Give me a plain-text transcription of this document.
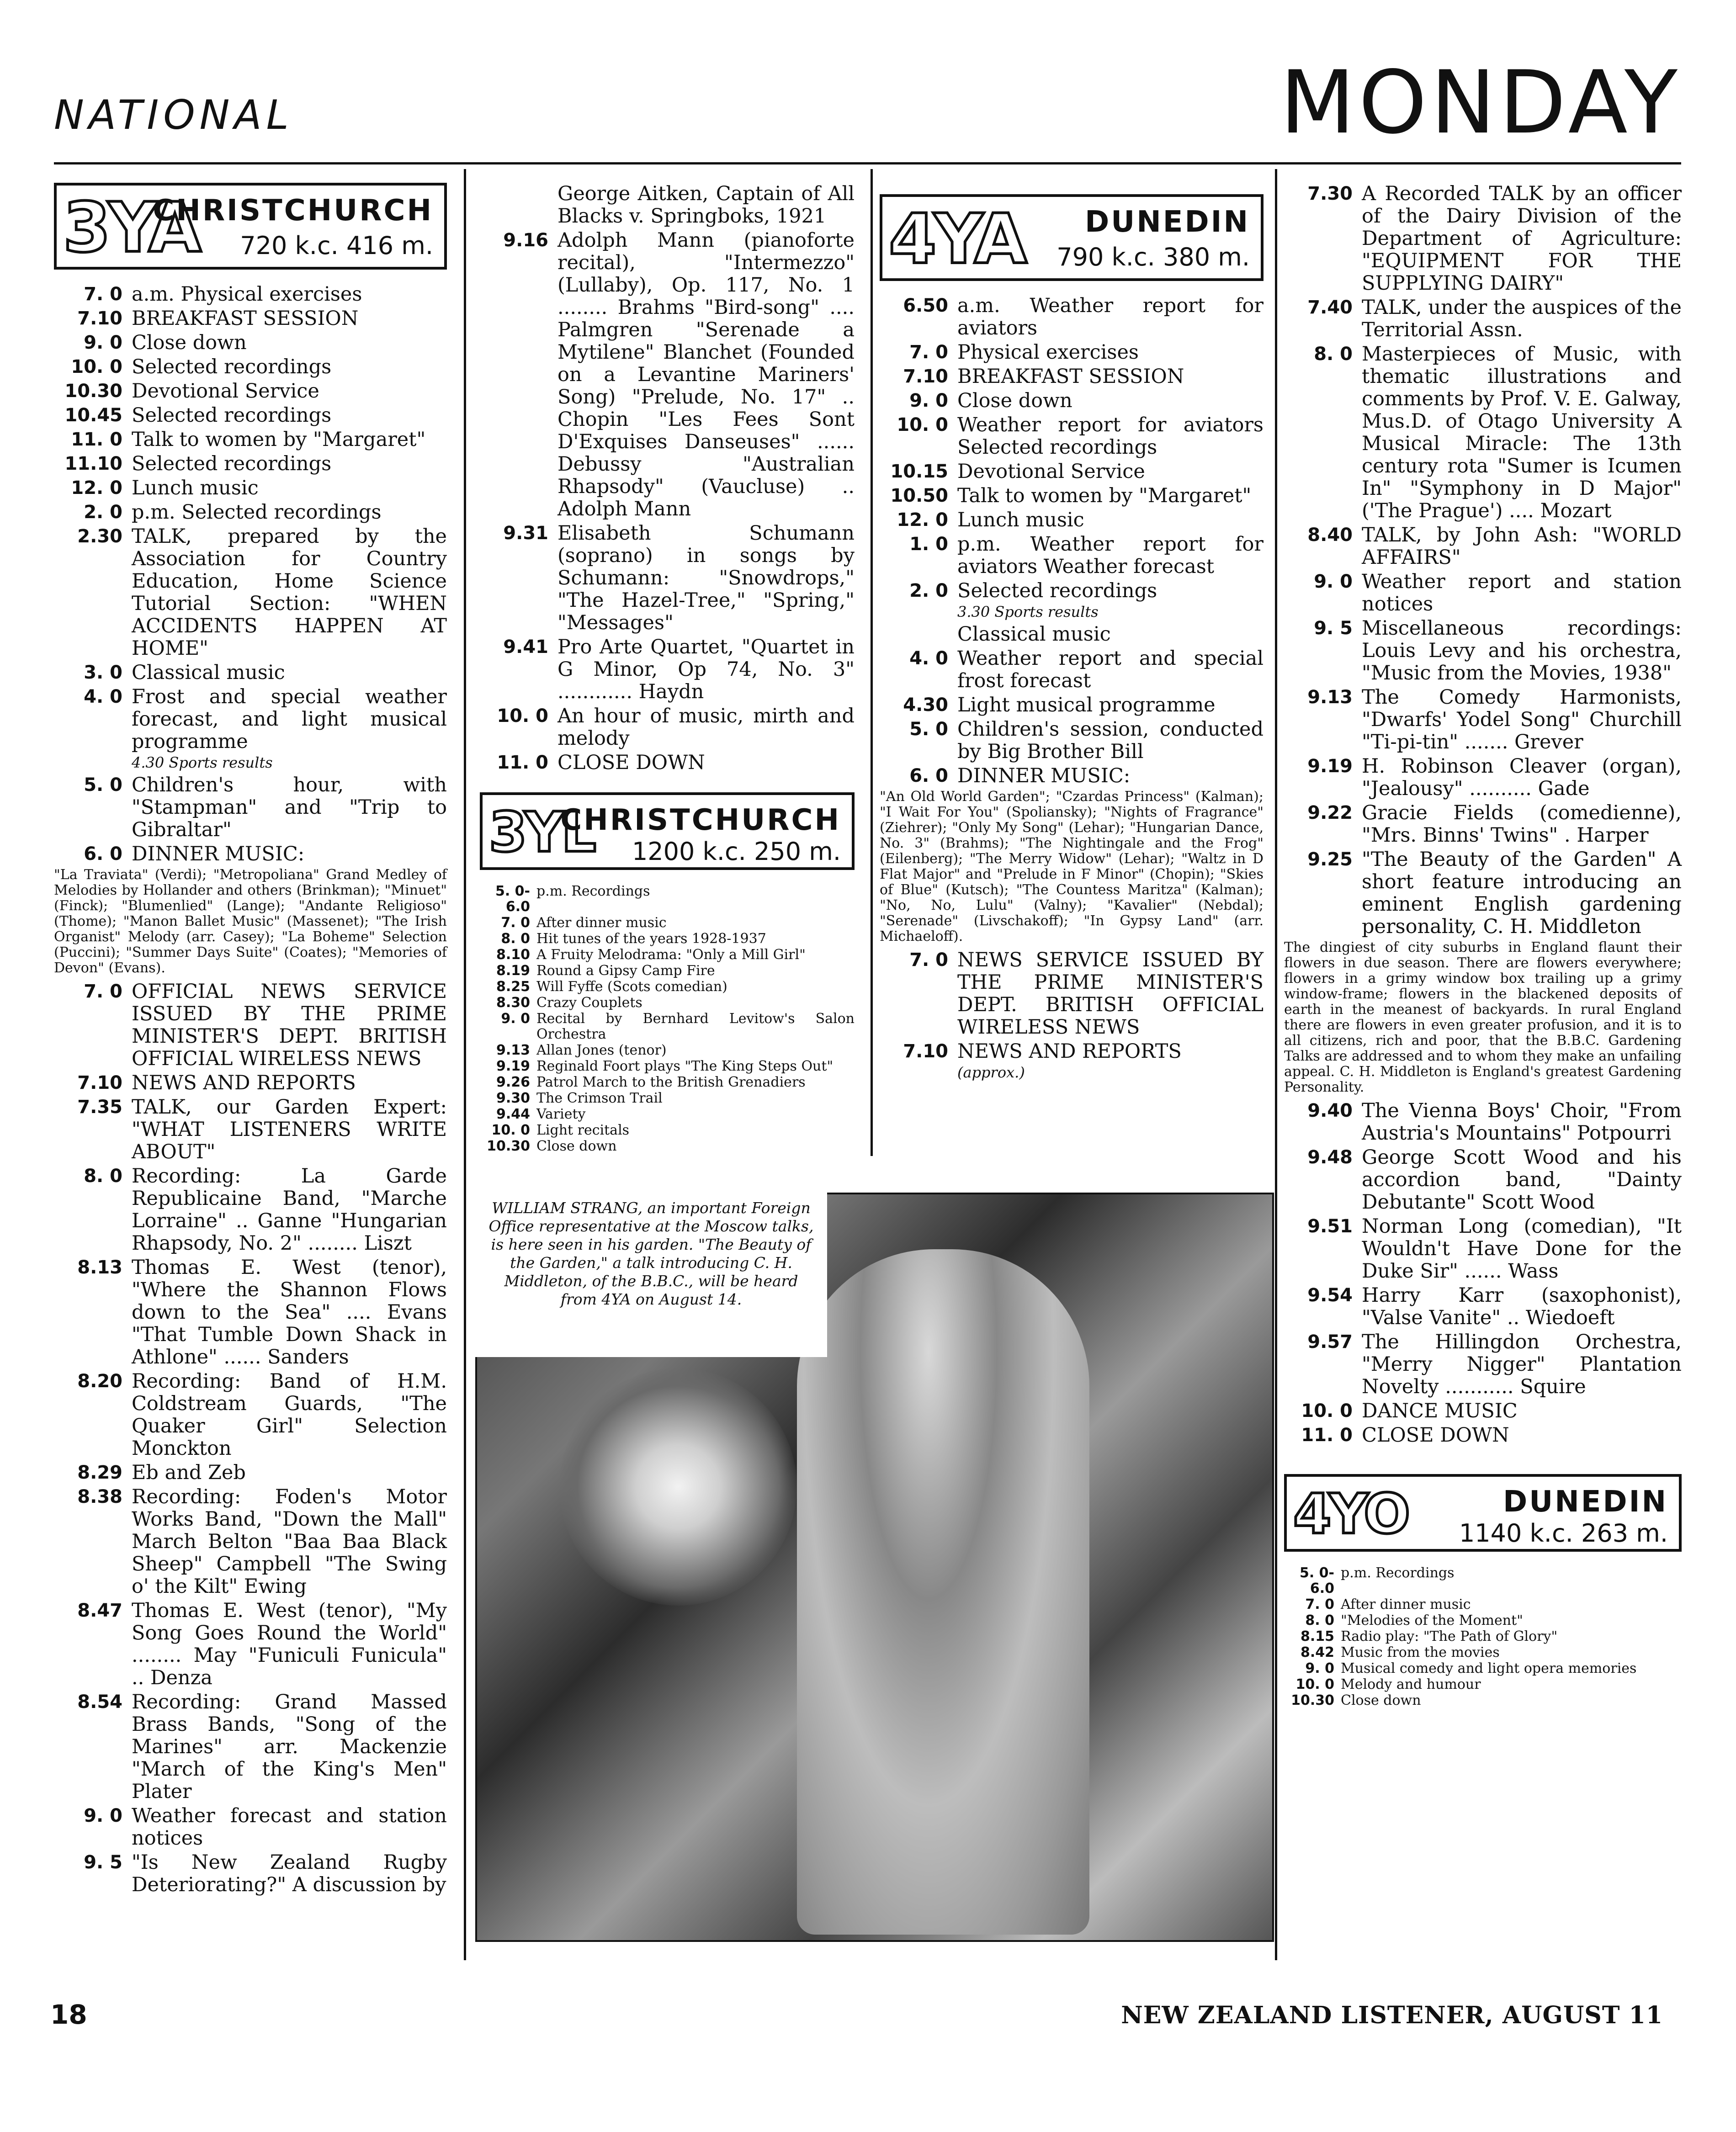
NATIONAL	MONDAY
3YA
CHRISTCHURCH
720 k.c. 416 m.
7. 0 a.m. Physical exercises
7.10 BREAKFAST SESSION
9. 0 Close down
10. 0 Selected recordings
10.30 Devotional Service
10.45 Selected recordings
11. 0 Talk to women by "Margaret"
11.10 Selected recordings
12. 0 Lunch music
2. 0 p.m. Selected recordings
2.30 TALK, prepared by the Association for Country Education, Home Science Tutorial Section: "WHEN ACCIDENTS HAPPEN AT HOME"
3. 0 Classical music
4. 0 Frost and special weather forecast, and light musical programme
4.30 Sports results
5. 0 Children's hour, with "Stampman" and "Trip to Gibraltar"
6. 0 DINNER MUSIC:
"La Traviata" (Verdi); "Metropoliana" Grand Medley of Melodies by Hollander and others (Brinkman); "Minuet" (Finck); "Blumenlied" (Lange); "Andante Religioso" (Thome); "Manon Ballet Music" (Massenet); "The Irish Organist" Melody (arr. Casey); "La Boheme" Selection (Puccini); "Summer Days Suite" (Coates); "Memories of Devon" (Evans).
7. 0 OFFICIAL NEWS SERVICE ISSUED BY THE PRIME MINISTER'S DEPT. BRITISH OFFICIAL WIRELESS NEWS
7.10 NEWS AND REPORTS
7.35 TALK, our Garden Expert: "WHAT LISTENERS WRITE ABOUT"
8. 0 Recording: La Garde Republicaine Band, "Marche Lorraine" .. Ganne "Hungarian Rhapsody, No. 2" ........ Liszt
8.13 Thomas E. West (tenor), "Where the Shannon Flows down to the Sea" .... Evans "That Tumble Down Shack in Athlone" ...... Sanders
8.20 Recording: Band of H.M. Coldstream Guards, "The Quaker Girl" Selection Monckton
8.29 Eb and Zeb
8.38 Recording: Foden's Motor Works Band, "Down the Mall" March Belton "Baa Baa Black Sheep" Campbell "The Swing o' the Kilt" Ewing
8.47 Thomas E. West (tenor), "My Song Goes Round the World" ........ May "Funiculi Funicula" .. Denza
8.54 Recording: Grand Massed Brass Bands, "Song of the Marines" arr. Mackenzie "March of the King's Men" Plater
9. 0 Weather forecast and station notices
9. 5 "Is New Zealand Rugby Deteriorating?" A discussion by
George Aitken, Captain of All Blacks v. Springboks, 1921
9.16 Adolph Mann (pianoforte recital), "Intermezzo" (Lullaby), Op. 117, No. 1 ........ Brahms "Bird-song" .... Palmgren "Serenade a Mytilene" Blanchet (Founded on a Levantine Mariners' Song) "Prelude, No. 17" .. Chopin "Les Fees Sont D'Exquises Danseuses" ...... Debussy "Australian Rhapsody" (Vaucluse) .. Adolph Mann
9.31 Elisabeth Schumann (soprano) in songs by Schumann: "Snowdrops," "The Hazel-Tree," "Spring," "Messages"
9.41 Pro Arte Quartet, "Quartet in G Minor, Op 74, No. 3" ............ Haydn
10. 0 An hour of music, mirth and melody
11. 0 CLOSE DOWN
3YL
CHRISTCHURCH
1200 k.c. 250 m.
5. 0-6.0
p.m. Recordings
7. 0 After dinner music
8. 0 Hit tunes of the years 1928-1937
8.10 A Fruity Melodrama: "Only a Mill Girl"
8.19 Round a Gipsy Camp Fire
8.25 Will Fyffe (Scots comedian)
8.30 Crazy Couplets
9. 0 Recital by Bernhard Levitow's Salon Orchestra
9.13 Allan Jones (tenor)
9.19 Reginald Foort plays "The King Steps Out"
9.26 Patrol March to the British Grenadiers
9.30 The Crimson Trail
9.44 Variety
10. 0 Light recitals
10.30 Close down
4YA DUNEDIN
790 k.c. 380 m.
6.50 a.m. Weather report for aviators
7. 0 Physical exercises
7.10 BREAKFAST SESSION
9. 0 Close down
10. 0 Weather report for aviators Selected recordings
10.15 Devotional Service
10.50 Talk to women by "Margaret"
12. 0 Lunch music
1. 0 p.m. Weather report for aviators Weather forecast
2. 0 Selected recordings
3.30 Sports results
Classical music
4. 0 Weather report and special frost forecast
4.30 Light musical programme
5. 0 Children's session, conducted by Big Brother Bill
6. 0 DINNER MUSIC:
"An Old World Garden"; "Czardas Princess" (Kalman); "I Wait For You" (Spoliansky); "Nights of Fragrance" (Ziehrer); "Only My Song" (Lehar); "Hungarian Dance, No. 3" (Brahms); "The Nightingale and the Frog" (Eilenberg); "The Merry Widow" (Lehar); "Waltz in D Flat Major" and "Prelude in F Minor" (Chopin); "Skies of Blue" (Kutsch); "The Countess Maritza" (Kalman); "No, No, Lulu" (Valny); "Kavalier" (Nebdal); "Serenade" (Livschakoff); "In Gypsy Land" (arr. Michaeloff).
7. 0 NEWS SERVICE ISSUED BY THE PRIME MINISTER'S DEPT. BRITISH OFFICIAL WIRELESS NEWS
7.10 NEWS AND REPORTS
(approx.)
7.30 A Recorded TALK by an officer of the Dairy Division of the Department of Agriculture: "EQUIPMENT FOR THE SUPPLYING DAIRY"
7.40 TALK, under the auspices of the Territorial Assn.
8. 0 Masterpieces of Music, with thematic illustrations and comments by Prof. V. E. Galway, Mus.D. of Otago University A Musical Miracle: The 13th century rota "Sumer is Icumen In" "Symphony in D Major" ('The Prague') .... Mozart
8.40 TALK, by John Ash: "WORLD AFFAIRS"
9. 0 Weather report and station notices
9. 5 Miscellaneous recordings: Louis Levy and his orchestra, "Music from the Movies, 1938"
9.13 The Comedy Harmonists, "Dwarfs' Yodel Song" Churchill "Ti-pi-tin" ....... Grever
9.19 H. Robinson Cleaver (organ), "Jealousy" .......... Gade
9.22 Gracie Fields (comedienne), "Mrs. Binns' Twins" . Harper
9.25 "The Beauty of the Garden" A short feature introducing an eminent English gardening personality, C. H. Middleton
The dingiest of city suburbs in England flaunt their flowers in due season. There are flowers everywhere; flowers in a grimy window box trailing up a grimy window-frame; flowers in the blackened deposits of earth in the meanest of backyards. In rural England there are flowers in even greater profusion, and it is to all citizens, rich and poor, that the B.B.C. Gardening Talks are addressed and to whom they make an unfailing appeal. C. H. Middleton is England's greatest Gardening Personality.
9.40 The Vienna Boys' Choir, "From Austria's Mountains" Potpourri
9.48 George Scott Wood and his accordion band, "Dainty Debutante" Scott Wood
9.51 Norman Long (comedian), "It Wouldn't Have Done for the Duke Sir" ...... Wass
9.54 Harry Karr (saxophonist), "Valse Vanite" .. Wiedoeft
9.57 The Hillingdon Orchestra, "Merry Nigger" Plantation Novelty ........... Squire
10. 0 DANCE MUSIC
11. 0 CLOSE DOWN
4YO	DUNEDIN
1140 k.c. 263 m.
5. 0-6.0
p.m. Recordings
7. 0 After dinner music
8. 0 "Melodies of the Moment"
8.15 Radio play: "The Path of Glory"
8.42 Music from the movies
9. 0 Musical comedy and light opera memories
10. 0 Melody and humour
10.30 Close down
WILLIAM STRANG, an important Foreign Office representative at the Moscow talks, is here seen in his garden. "The Beauty of the Garden," a talk introducing C. H. Middleton, of the B.B.C., will be heard from 4YA on August 14.
18	NEW ZEALAND LISTENER, AUGUST 11
